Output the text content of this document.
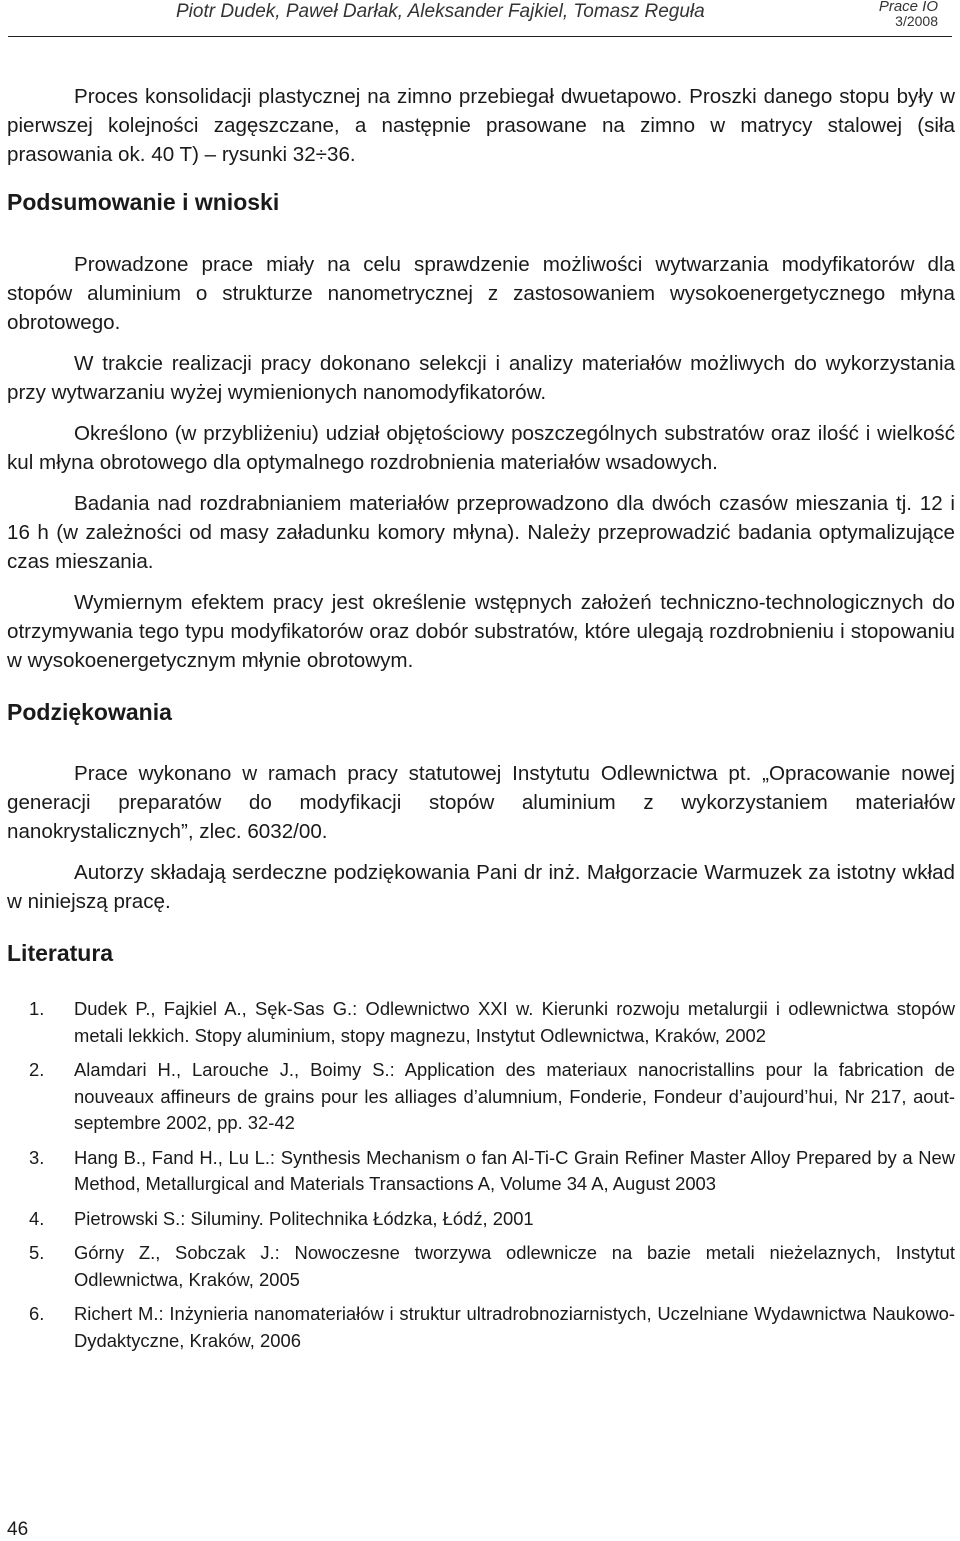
Piotr Dudek, Paweł Darłak, Aleksander Fajkiel, Tomasz Reguła	Prace IO
3/2008

Proces konsolidacji plastycznej na zimno przebiegał dwuetapowo. Proszki danego stopu były w pierwszej kolejności zagęszczane, a następnie prasowane na zimno w matrycy stalowej (siła prasowania ok. 40 T) – rysunki 32÷36.

Podsumowanie i wnioski

Prowadzone prace miały na celu sprawdzenie możliwości wytwarzania modyfikatorów dla stopów aluminium o strukturze nanometrycznej z zastosowaniem wysokoenergetycznego młyna obrotowego.

W trakcie realizacji pracy dokonano selekcji i analizy materiałów możliwych do wykorzystania przy wytwarzaniu wyżej wymienionych nanomodyfikatorów.

Określono (w przybliżeniu) udział objętościowy poszczególnych substratów oraz ilość i wielkość kul młyna obrotowego dla optymalnego rozdrobnienia materiałów wsadowych.

Badania nad rozdrabnianiem materiałów przeprowadzono dla dwóch czasów mieszania tj. 12 i 16 h (w zależności od masy załadunku komory młyna). Należy przeprowadzić badania optymalizujące czas mieszania.

Wymiernym efektem pracy jest określenie wstępnych założeń techniczno-technologicznych do otrzymywania tego typu modyfikatorów oraz dobór substratów, które ulegają rozdrobnieniu i stopowaniu w wysokoenergetycznym młynie obrotowym.

Podziękowania

Prace wykonano w ramach pracy statutowej Instytutu Odlewnictwa pt. „Opracowanie nowej generacji preparatów do modyfikacji stopów aluminium z wykorzystaniem materiałów nanokrystalicznych”, zlec. 6032/00.

Autorzy składają serdeczne podziękowania Pani dr inż. Małgorzacie Warmuzek za istotny wkład w niniejszą pracę.

Literatura
1. Dudek P., Fajkiel A., Sęk-Sas G.: Odlewnictwo XXI w. Kierunki rozwoju metalurgii i odlewnictwa stopów metali lekkich. Stopy aluminium, stopy magnezu, Instytut Odlewnictwa, Kraków, 2002
2. Alamdari H., Larouche J., Boimy S.: Application des materiaux nanocristallins pour la fabrication de nouveaux affineurs de grains pour les alliages d’alumnium, Fonderie, Fondeur d’aujourd’hui, Nr 217, aout-septembre 2002, pp. 32-42
3. Hang B., Fand H., Lu L.: Synthesis Mechanism o fan Al-Ti-C Grain Refiner Master Alloy Prepared by a New Method, Metallurgical and Materials Transactions A, Volume 34 A, August 2003
4. Pietrowski S.: Siluminy. Politechnika Łódzka, Łódź, 2001
5. Górny Z., Sobczak J.: Nowoczesne tworzywa odlewnicze na bazie metali nieżelaznych, Instytut Odlewnictwa, Kraków, 2005
6. Richert M.: Inżynieria nanomateriałów i struktur ultradrobnoziarnistych, Uczelniane Wydawnictwa Naukowo-Dydaktyczne, Kraków, 2006
46
